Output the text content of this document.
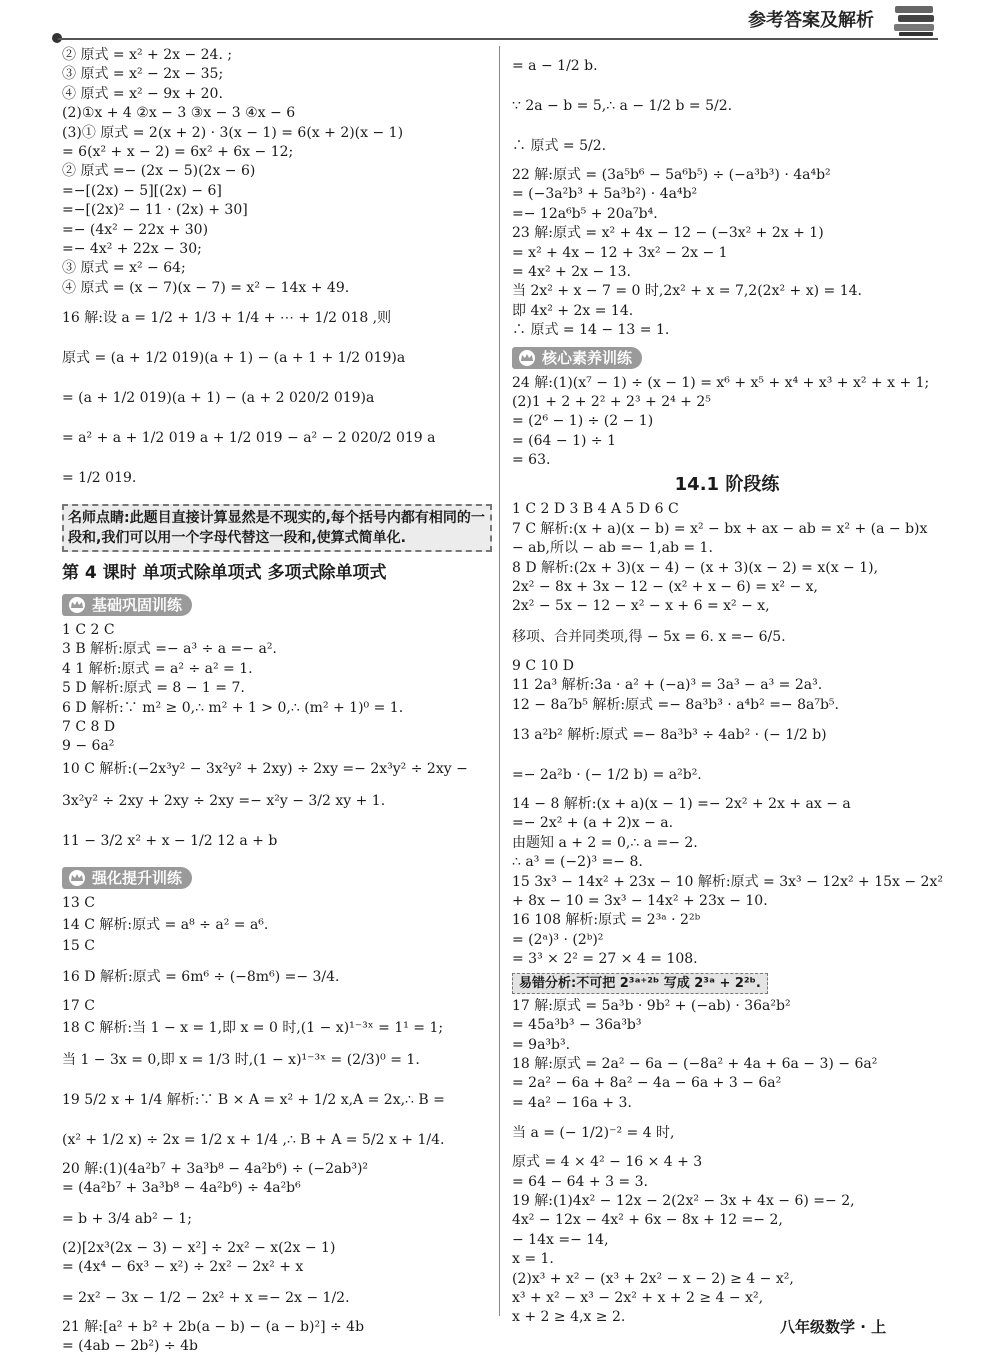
参考答案及解析
② 原式 = x² + 2x − 24. ;
③ 原式 = x² − 2x − 35;
④ 原式 = x² − 9x + 20.
(2)①x + 4 ②x − 3 ③x − 3 ④x − 6
(3)① 原式 = 2(x + 2) · 3(x − 1) = 6(x + 2)(x − 1)
= 6(x² + x − 2) = 6x² + 6x − 12;
② 原式 =− (2x − 5)(2x − 6)
=−[(2x) − 5][(2x) − 6]
=−[(2x)² − 11 · (2x) + 30]
=− (4x² − 22x + 30)
=− 4x² + 22x − 30;
③ 原式 = x² − 64;
④ 原式 = (x − 7)(x − 7) = x² − 14x + 49.
16 解:设 a = 1/2 + 1/3 + 1/4 + ⋯ + 1/2 018 ,则
原式 = (a + 1/2 019)(a + 1) − (a + 1 + 1/2 019)a
= (a + 1/2 019)(a + 1) − (a + 2 020/2 019)a
= a² + a + 1/2 019 a + 1/2 019 − a² − 2 020/2 019 a
= 1/2 019.
名师点睛:此题目直接计算显然是不现实的,每个括号内都有相同的一段和,我们可以用一个字母代替这一段和,使算式简单化.
第 4 课时 单项式除单项式 多项式除单项式
基础巩固训练
1 C 2 C
3 B 解析:原式 =− a³ ÷ a =− a².
4 1 解析:原式 = a² ÷ a² = 1.
5 D 解析:原式 = 8 − 1 = 7.
6 D 解析:∵ m² ≥ 0,∴ m² + 1 > 0,∴ (m² + 1)⁰ = 1.
7 C 8 D
9 − 6a²
10 C 解析:(−2x³y² − 3x²y² + 2xy) ÷ 2xy =− 2x³y² ÷ 2xy −
3x²y² ÷ 2xy + 2xy ÷ 2xy =− x²y − 3/2 xy + 1.
11 − 3/2 x² + x − 1/2 12 a + b
强化提升训练
13 C
14 C 解析:原式 = a⁸ ÷ a² = a⁶.
15 C
16 D 解析:原式 = 6m⁶ ÷ (−8m⁶) =− 3/4.
17 C
18 C 解析:当 1 − x = 1,即 x = 0 时,(1 − x)¹⁻³ˣ = 1¹ = 1;
当 1 − 3x = 0,即 x = 1/3 时,(1 − x)¹⁻³ˣ = (2/3)⁰ = 1.
19 5/2 x + 1/4 解析:∵ B × A = x² + 1/2 x,A = 2x,∴ B =
(x² + 1/2 x) ÷ 2x = 1/2 x + 1/4 ,∴ B + A = 5/2 x + 1/4.
20 解:(1)(4a²b⁷ + 3a³b⁸ − 4a²b⁶) ÷ (−2ab³)²
= (4a²b⁷ + 3a³b⁸ − 4a²b⁶) ÷ 4a²b⁶
= b + 3/4 ab² − 1;
(2)[2x³(2x − 3) − x²] ÷ 2x² − x(2x − 1)
= (4x⁴ − 6x³ − x²) ÷ 2x² − 2x² + x
= 2x² − 3x − 1/2 − 2x² + x =− 2x − 1/2.
21 解:[a² + b² + 2b(a − b) − (a − b)²] ÷ 4b
= (4ab − 2b²) ÷ 4b
= a − 1/2 b.
∵ 2a − b = 5,∴ a − 1/2 b = 5/2.
∴ 原式 = 5/2.
22 解:原式 = (3a⁵b⁶ − 5a⁶b⁵) ÷ (−a³b³) · 4a⁴b²
= (−3a²b³ + 5a³b²) · 4a⁴b²
=− 12a⁶b⁵ + 20a⁷b⁴.
23 解:原式 = x² + 4x − 12 − (−3x² + 2x + 1)
= x² + 4x − 12 + 3x² − 2x − 1
= 4x² + 2x − 13.
当 2x² + x − 7 = 0 时,2x² + x = 7,2(2x² + x) = 14.
即 4x² + 2x = 14.
∴ 原式 = 14 − 13 = 1.
核心素养训练
24 解:(1)(x⁷ − 1) ÷ (x − 1) = x⁶ + x⁵ + x⁴ + x³ + x² + x + 1;
(2)1 + 2 + 2² + 2³ + 2⁴ + 2⁵
= (2⁶ − 1) ÷ (2 − 1)
= (64 − 1) ÷ 1
= 63.
14.1 阶段练
1 C 2 D 3 B 4 A 5 D 6 C
7 C 解析:(x + a)(x − b) = x² − bx + ax − ab = x² + (a − b)x
− ab,所以 − ab =− 1,ab = 1.
8 D 解析:(2x + 3)(x − 4) − (x + 3)(x − 2) = x(x − 1),
2x² − 8x + 3x − 12 − (x² + x − 6) = x² − x,
2x² − 5x − 12 − x² − x + 6 = x² − x,
移项、合并同类项,得 − 5x = 6. x =− 6/5.
9 C 10 D
11 2a³ 解析:3a · a² + (−a)³ = 3a³ − a³ = 2a³.
12 − 8a⁷b⁵ 解析:原式 =− 8a³b³ · a⁴b² =− 8a⁷b⁵.
13 a²b² 解析:原式 =− 8a³b³ ÷ 4ab² · (− 1/2 b)
=− 2a²b · (− 1/2 b) = a²b².
14 − 8 解析:(x + a)(x − 1) =− 2x² + 2x + ax − a
=− 2x² + (a + 2)x − a.
由题知 a + 2 = 0,∴ a =− 2.
∴ a³ = (−2)³ =− 8.
15 3x³ − 14x² + 23x − 10 解析:原式 = 3x³ − 12x² + 15x − 2x²
+ 8x − 10 = 3x³ − 14x² + 23x − 10.
16 108 解析:原式 = 2³ᵃ · 2²ᵇ
= (2ᵃ)³ · (2ᵇ)²
= 3³ × 2² = 27 × 4 = 108.
易错分析:不可把 2³ᵃ⁺²ᵇ 写成 2³ᵃ + 2²ᵇ.
17 解:原式 = 5a³b · 9b² + (−ab) · 36a²b²
= 45a³b³ − 36a³b³
= 9a³b³.
18 解:原式 = 2a² − 6a − (−8a² + 4a + 6a − 3) − 6a²
= 2a² − 6a + 8a² − 4a − 6a + 3 − 6a²
= 4a² − 16a + 3.
当 a = (− 1/2)⁻² = 4 时,
原式 = 4 × 4² − 16 × 4 + 3
= 64 − 64 + 3 = 3.
19 解:(1)4x² − 12x − 2(2x² − 3x + 4x − 6) =− 2,
4x² − 12x − 4x² + 6x − 8x + 12 =− 2,
− 14x =− 14,
x = 1.
(2)x³ + x² − (x³ + 2x² − x − 2) ≥ 4 − x²,
x³ + x² − x³ − 2x² + x + 2 ≥ 4 − x²,
x + 2 ≥ 4,x ≥ 2.
八年级数学 · 上
